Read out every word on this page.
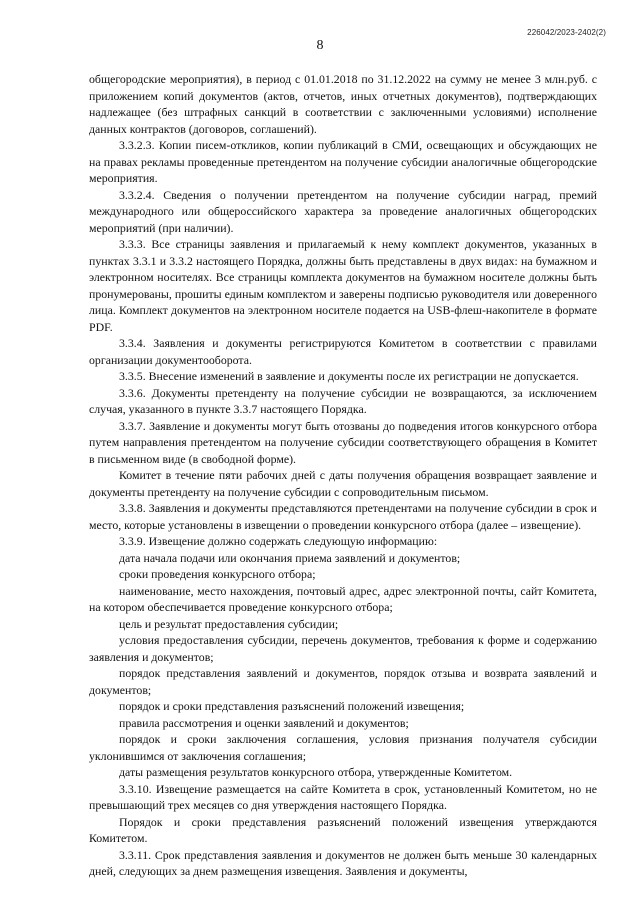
226042/2023-2402(2)
8

общегородские мероприятия), в период с 01.01.2018 по 31.12.2022 на сумму не менее 3 млн.руб. с приложением копий документов (актов, отчетов, иных отчетных документов), подтверждающих надлежащее (без штрафных санкций в соответствии с заключенными условиями) исполнение данных контрактов (договоров, соглашений).

3.3.2.3. Копии писем-откликов, копии публикаций в СМИ, освещающих и обсуждающих не на правах рекламы проведенные претендентом на получение субсидии аналогичные общегородские мероприятия.

3.3.2.4. Сведения о получении претендентом на получение субсидии наград, премий международного или общероссийского характера за проведение аналогичных общегородских мероприятий (при наличии).

3.3.3. Все страницы заявления и прилагаемый к нему комплект документов, указанных в пунктах 3.3.1 и 3.3.2 настоящего Порядка, должны быть представлены в двух видах: на бумажном и электронном носителях. Все страницы комплекта документов на бумажном носителе должны быть пронумерованы, прошиты единым комплектом и заверены подписью руководителя или доверенного лица. Комплект документов на электронном носителе подается на USB-флеш-накопителе в формате PDF.

3.3.4. Заявления и документы регистрируются Комитетом в соответствии с правилами организации документооборота.

3.3.5. Внесение изменений в заявление и документы после их регистрации не допускается.

3.3.6. Документы претенденту на получение субсидии не возвращаются, за исключением случая, указанного в пункте 3.3.7 настоящего Порядка.

3.3.7. Заявление и документы могут быть отозваны до подведения итогов конкурсного отбора путем направления претендентом на получение субсидии соответствующего обращения в Комитет в письменном виде (в свободной форме).

Комитет в течение пяти рабочих дней с даты получения обращения возвращает заявление и документы претенденту на получение субсидии с сопроводительным письмом.

3.3.8. Заявления и документы представляются претендентами на получение субсидии в срок и место, которые установлены в извещении о проведении конкурсного отбора (далее – извещение).

3.3.9. Извещение должно содержать следующую информацию:

дата начала подачи или окончания приема заявлений и документов;

сроки проведения конкурсного отбора;

наименование, место нахождения, почтовый адрес, адрес электронной почты, сайт Комитета, на котором обеспечивается проведение конкурсного отбора;

цель и результат предоставления субсидии;

условия предоставления субсидии, перечень документов, требования к форме и содержанию заявления и документов;

порядок представления заявлений и документов, порядок отзыва и возврата заявлений и документов;

порядок и сроки представления разъяснений положений извещения;

правила рассмотрения и оценки заявлений и документов;

порядок и сроки заключения соглашения, условия признания получателя субсидии уклонившимся от заключения соглашения;

даты размещения результатов конкурсного отбора, утвержденные Комитетом.

3.3.10. Извещение размещается на сайте Комитета в срок, установленный Комитетом, но не превышающий трех месяцев со дня утверждения настоящего Порядка.

Порядок и сроки представления разъяснений положений извещения утверждаются Комитетом.

3.3.11. Срок представления заявления и документов не должен быть меньше 30 календарных дней, следующих за днем размещения извещения. Заявления и документы,
